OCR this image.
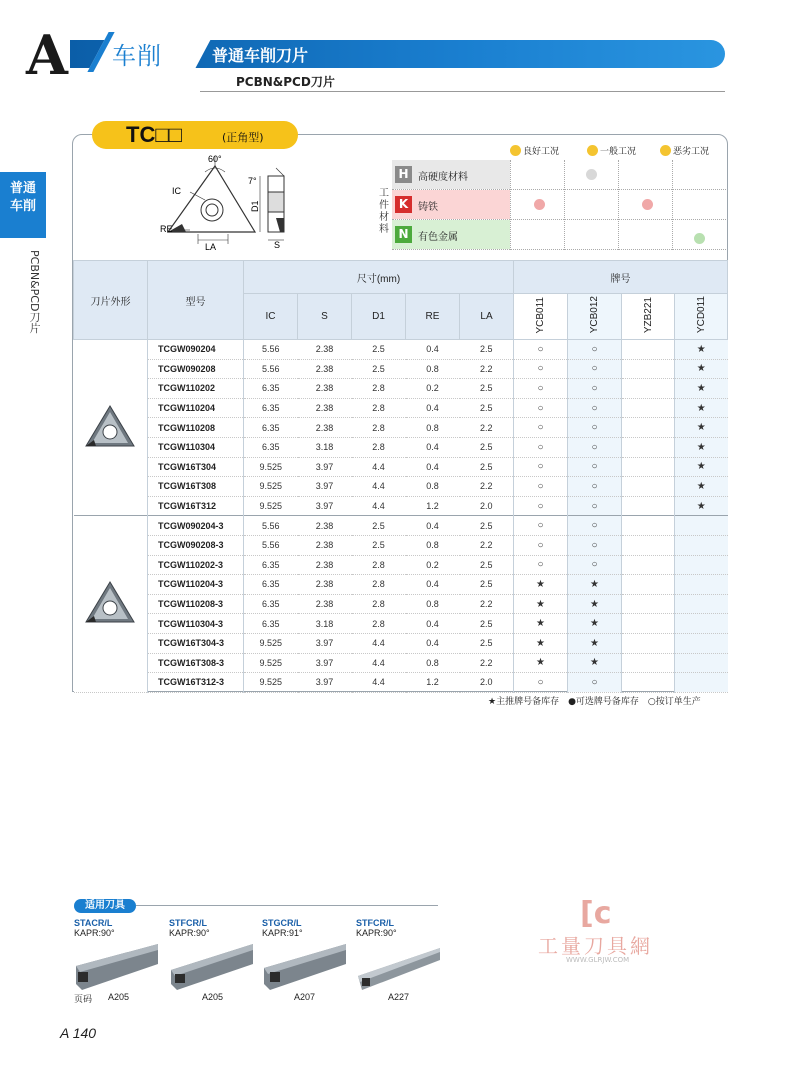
A 车削	普通车削刀片
PCBN&PCD刀片
普通
车削
PCBN&PCD刀片
TC□□	(正角型)
60°
IC
RE
LA
7°
D1
S
良好工况	一般工况	恶劣工况
工件材料
H 高硬度材料
K 铸铁
N 有色金属
刀片外形	型号	尺寸(mm)					牌号			
		IC	S	D1	RE	LA	YCB011	YCB012	YZB221	YCD011
	TCGW090204	5.56	2.38	2.5	0.4	2.5	○	○		★
	TCGW090208	5.56	2.38	2.5	0.8	2.2	○	○		★
	TCGW110202	6.35	2.38	2.8	0.2	2.5	○	○		★
	TCGW110204	6.35	2.38	2.8	0.4	2.5	○	○		★
	TCGW110208	6.35	2.38	2.8	0.8	2.2	○	○		★
	TCGW110304	6.35	3.18	2.8	0.4	2.5	○	○		★
	TCGW16T304	9.525	3.97	4.4	0.4	2.5	○	○		★
	TCGW16T308	9.525	3.97	4.4	0.8	2.2	○	○		★
	TCGW16T312	9.525	3.97	4.4	1.2	2.0	○	○		★
	TCGW090204-3	5.56	2.38	2.5	0.4	2.5	○	○		
	TCGW090208-3	5.56	2.38	2.5	0.8	2.2	○	○		
	TCGW110202-3	6.35	2.38	2.8	0.2	2.5	○	○		
	TCGW110204-3	6.35	2.38	2.8	0.4	2.5	★	★		
	TCGW110208-3	6.35	2.38	2.8	0.8	2.2	★	★		
	TCGW110304-3	6.35	3.18	2.8	0.4	2.5	★	★		
	TCGW16T304-3	9.525	3.97	4.4	0.4	2.5	★	★		
	TCGW16T308-3	9.525	3.97	4.4	0.8	2.2	★	★		
	TCGW16T312-3	9.525	3.97	4.4	1.2	2.0	○	○		
★主推牌号备库存　●可选牌号备库存　○按订单生产
适用刀具
STACR/L
KAPR:90°
STFCR/L
KAPR:90°
STGCR/L
KAPR:91°
STFCR/L
KAPR:90°
页码 A205	A205	A207	A227
[с
工量刀具網
WWW.GLRJW.COM
A 140
